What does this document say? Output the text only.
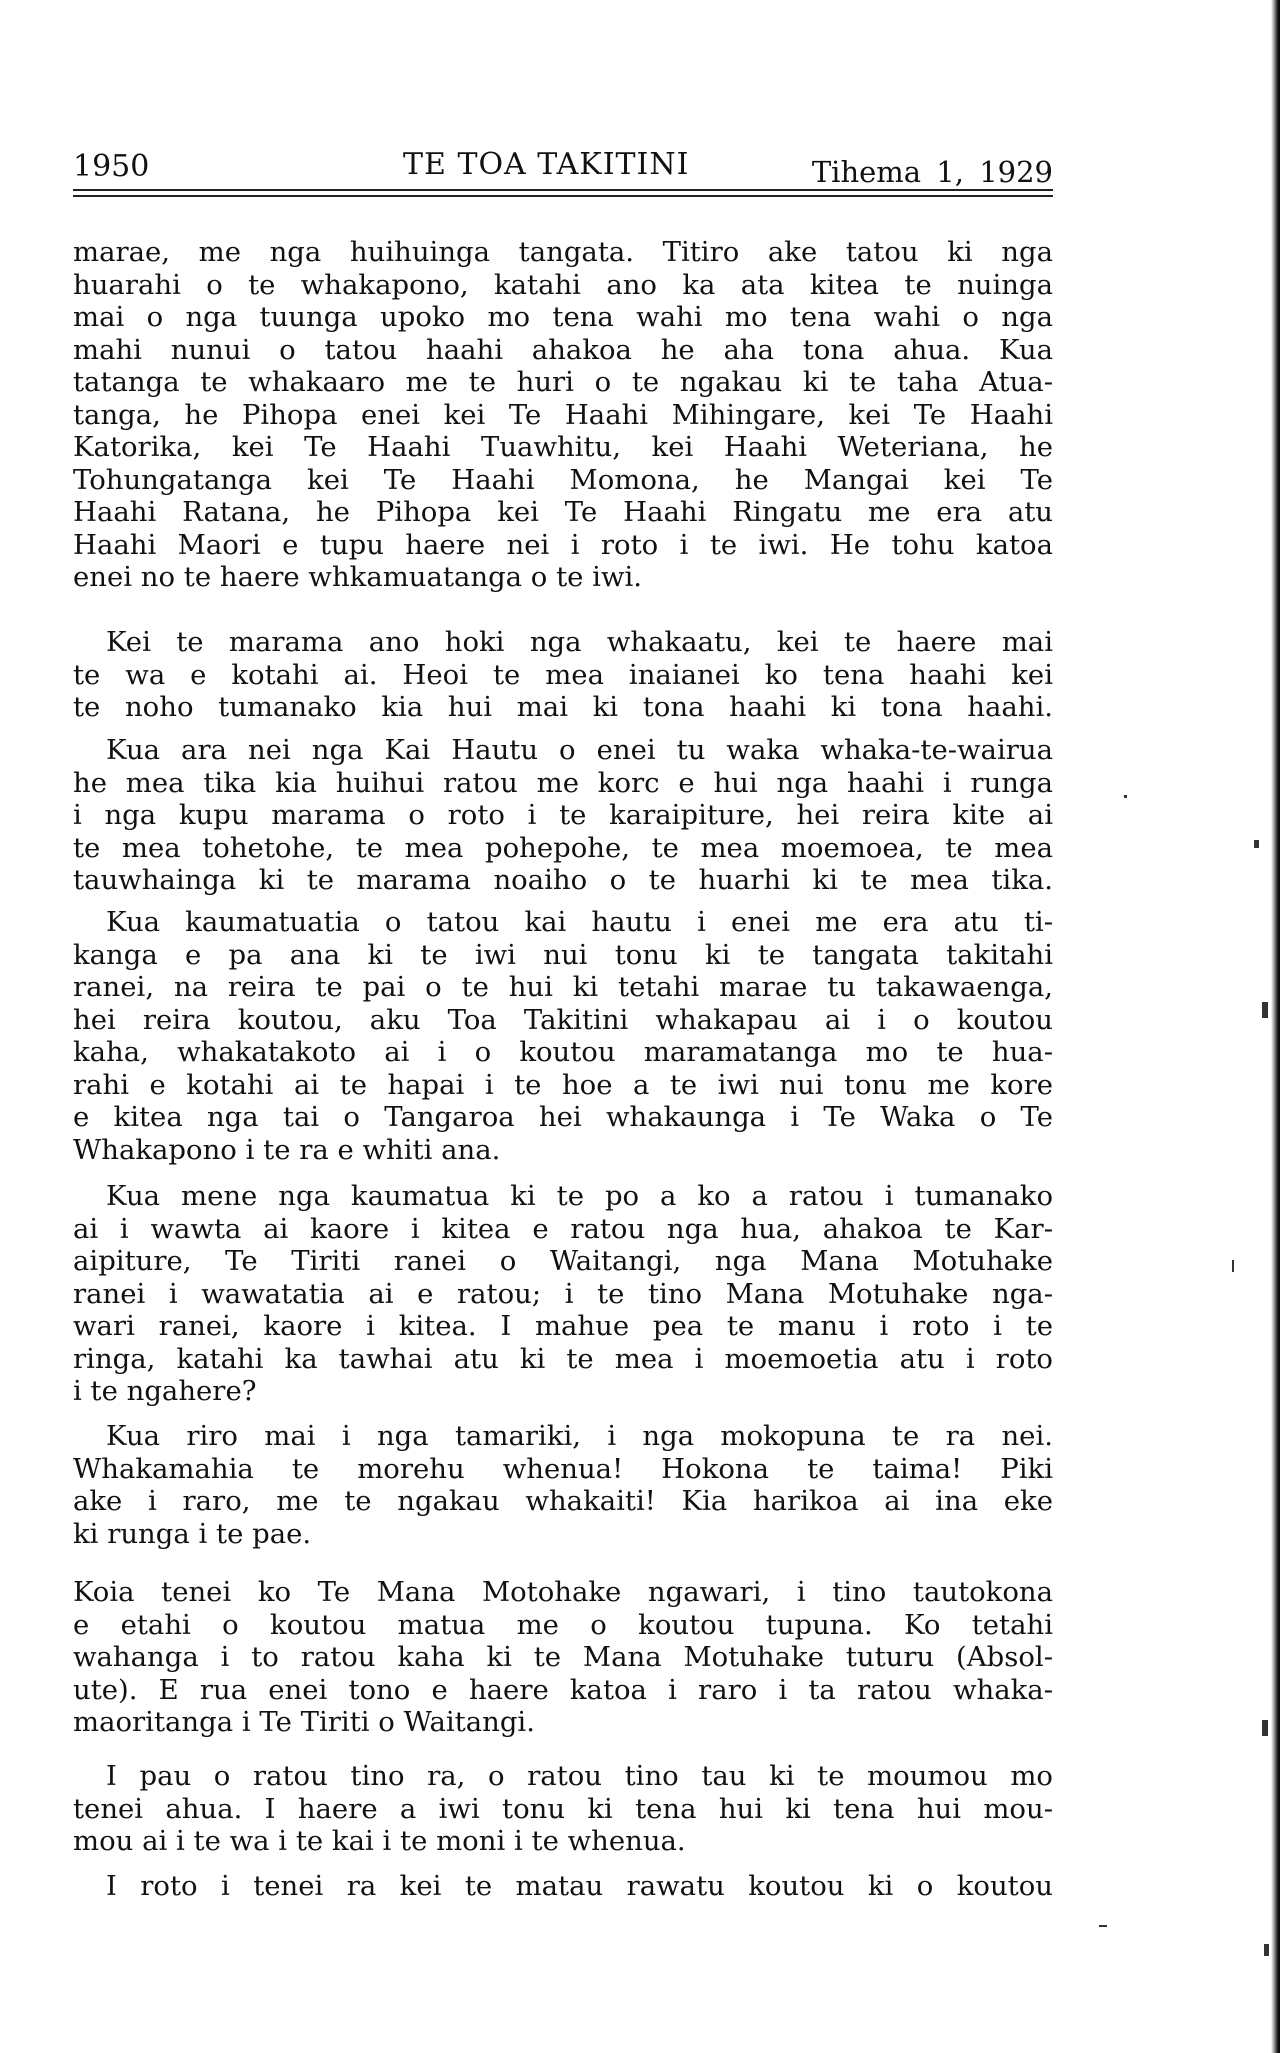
1950	TE TOA TAKITINI	Tihema 1, 1929
marae, me nga huihuinga tangata. Titiro ake tatou ki nga
huarahi o te whakapono, katahi ano ka ata kitea te nuinga
mai o nga tuunga upoko mo tena wahi mo tena wahi o nga
mahi nunui o tatou haahi ahakoa he aha tona ahua. Kua
tatanga te whakaaro me te huri o te ngakau ki te taha Atua-
tanga, he Pihopa enei kei Te Haahi Mihingare, kei Te Haahi
Katorika, kei Te Haahi Tuawhitu, kei Haahi Weteriana, he
Tohungatanga kei Te Haahi Momona, he Mangai kei Te
Haahi Ratana, he Pihopa kei Te Haahi Ringatu me era atu
Haahi Maori e tupu haere nei i roto i te iwi. He tohu katoa
enei no te haere whkamuatanga o te iwi.
Kei te marama ano hoki nga whakaatu, kei te haere mai
te wa e kotahi ai. Heoi te mea inaianei ko tena haahi kei
te noho tumanako kia hui mai ki tona haahi ki tona haahi.
Kua ara nei nga Kai Hautu o enei tu waka whaka-te-wairua
he mea tika kia huihui ratou me korc e hui nga haahi i runga
i nga kupu marama o roto i te karaipiture, hei reira kite ai
te mea tohetohe, te mea pohepohe, te mea moemoea, te mea
tauwhainga ki te marama noaiho o te huarhi ki te mea tika.
Kua kaumatuatia o tatou kai hautu i enei me era atu ti-
kanga e pa ana ki te iwi nui tonu ki te tangata takitahi
ranei, na reira te pai o te hui ki tetahi marae tu takawaenga,
hei reira koutou, aku Toa Takitini whakapau ai i o koutou
kaha, whakatakoto ai i o koutou maramatanga mo te hua-
rahi e kotahi ai te hapai i te hoe a te iwi nui tonu me kore
e kitea nga tai o Tangaroa hei whakaunga i Te Waka o Te
Whakapono i te ra e whiti ana.
Kua mene nga kaumatua ki te po a ko a ratou i tumanako
ai i wawta ai kaore i kitea e ratou nga hua, ahakoa te Kar-
aipiture, Te Tiriti ranei o Waitangi, nga Mana Motuhake
ranei i wawatatia ai e ratou; i te tino Mana Motuhake nga-
wari ranei, kaore i kitea. I mahue pea te manu i roto i te
ringa, katahi ka tawhai atu ki te mea i moemoetia atu i roto
i te ngahere?
Kua riro mai i nga tamariki, i nga mokopuna te ra nei.
Whakamahia te morehu whenua! Hokona te taima! Piki
ake i raro, me te ngakau whakaiti! Kia harikoa ai ina eke
ki runga i te pae.
Koia tenei ko Te Mana Motohake ngawari, i tino tautokona
e etahi o koutou matua me o koutou tupuna. Ko tetahi
wahanga i to ratou kaha ki te Mana Motuhake tuturu (Absol-
ute). E rua enei tono e haere katoa i raro i ta ratou whaka-
maoritanga i Te Tiriti o Waitangi.
I pau o ratou tino ra, o ratou tino tau ki te moumou mo
tenei ahua. I haere a iwi tonu ki tena hui ki tena hui mou-
mou ai i te wa i te kai i te moni i te whenua.
I roto i tenei ra kei te matau rawatu koutou ki o koutou
